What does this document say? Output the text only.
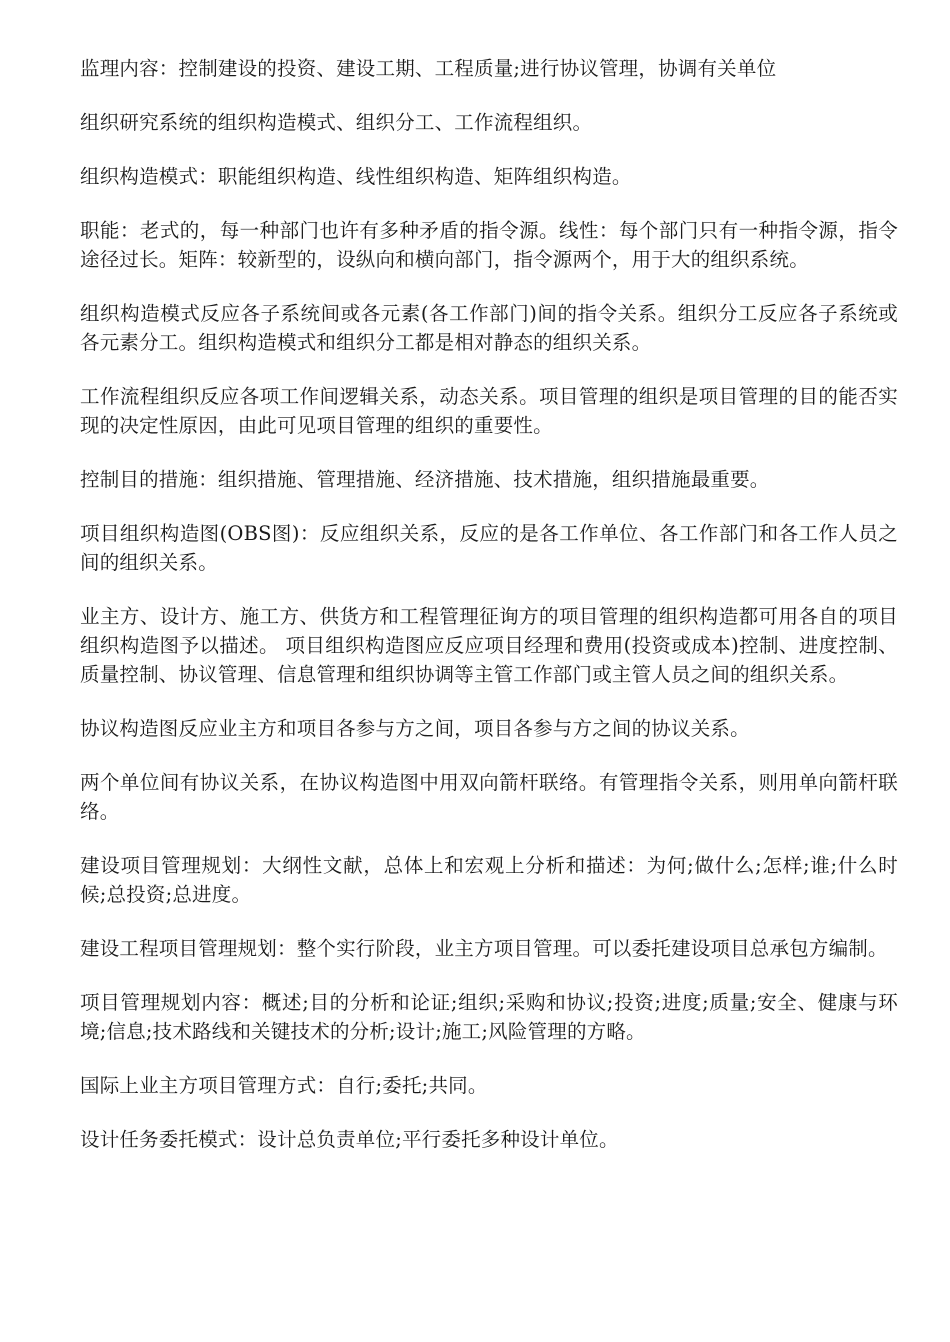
监理内容：控制建设的投资、建设工期、工程质量;进行协议管理，协调有关单位

组织研究系统的组织构造模式、组织分工、工作流程组织。

组织构造模式：职能组织构造、线性组织构造、矩阵组织构造。

职能：老式的，每一种部门也许有多种矛盾的指令源。线性：每个部门只有一种指令源，指令途径过长。矩阵：较新型的，设纵向和横向部门，指令源两个，用于大的组织系统。

组织构造模式反应各子系统间或各元素(各工作部门)间的指令关系。组织分工反应各子系统或各元素分工。组织构造模式和组织分工都是相对静态的组织关系。

工作流程组织反应各项工作间逻辑关系，动态关系。项目管理的组织是项目管理的目的能否实现的决定性原因，由此可见项目管理的组织的重要性。

控制目的措施：组织措施、管理措施、经济措施、技术措施，组织措施最重要。

项目组织构造图(OBS图)：反应组织关系，反应的是各工作单位、各工作部门和各工作人员之间的组织关系。

业主方、设计方、施工方、供货方和工程管理征询方的项目管理的组织构造都可用各自的项目组织构造图予以描述。 项目组织构造图应反应项目经理和费用(投资或成本)控制、进度控制、质量控制、协议管理、信息管理和组织协调等主管工作部门或主管人员之间的组织关系。

协议构造图反应业主方和项目各参与方之间，项目各参与方之间的协议关系。

两个单位间有协议关系，在协议构造图中用双向箭杆联络。有管理指令关系，则用单向箭杆联络。

建设项目管理规划：大纲性文献，总体上和宏观上分析和描述：为何;做什么;怎样;谁;什么时候;总投资;总进度。

建设工程项目管理规划：整个实行阶段，业主方项目管理。可以委托建设项目总承包方编制。

项目管理规划内容：概述;目的分析和论证;组织;采购和协议;投资;进度;质量;安全、健康与环境;信息;技术路线和关键技术的分析;设计;施工;风险管理的方略。

国际上业主方项目管理方式：自行;委托;共同。

设计任务委托模式：设计总负责单位;平行委托多种设计单位。
